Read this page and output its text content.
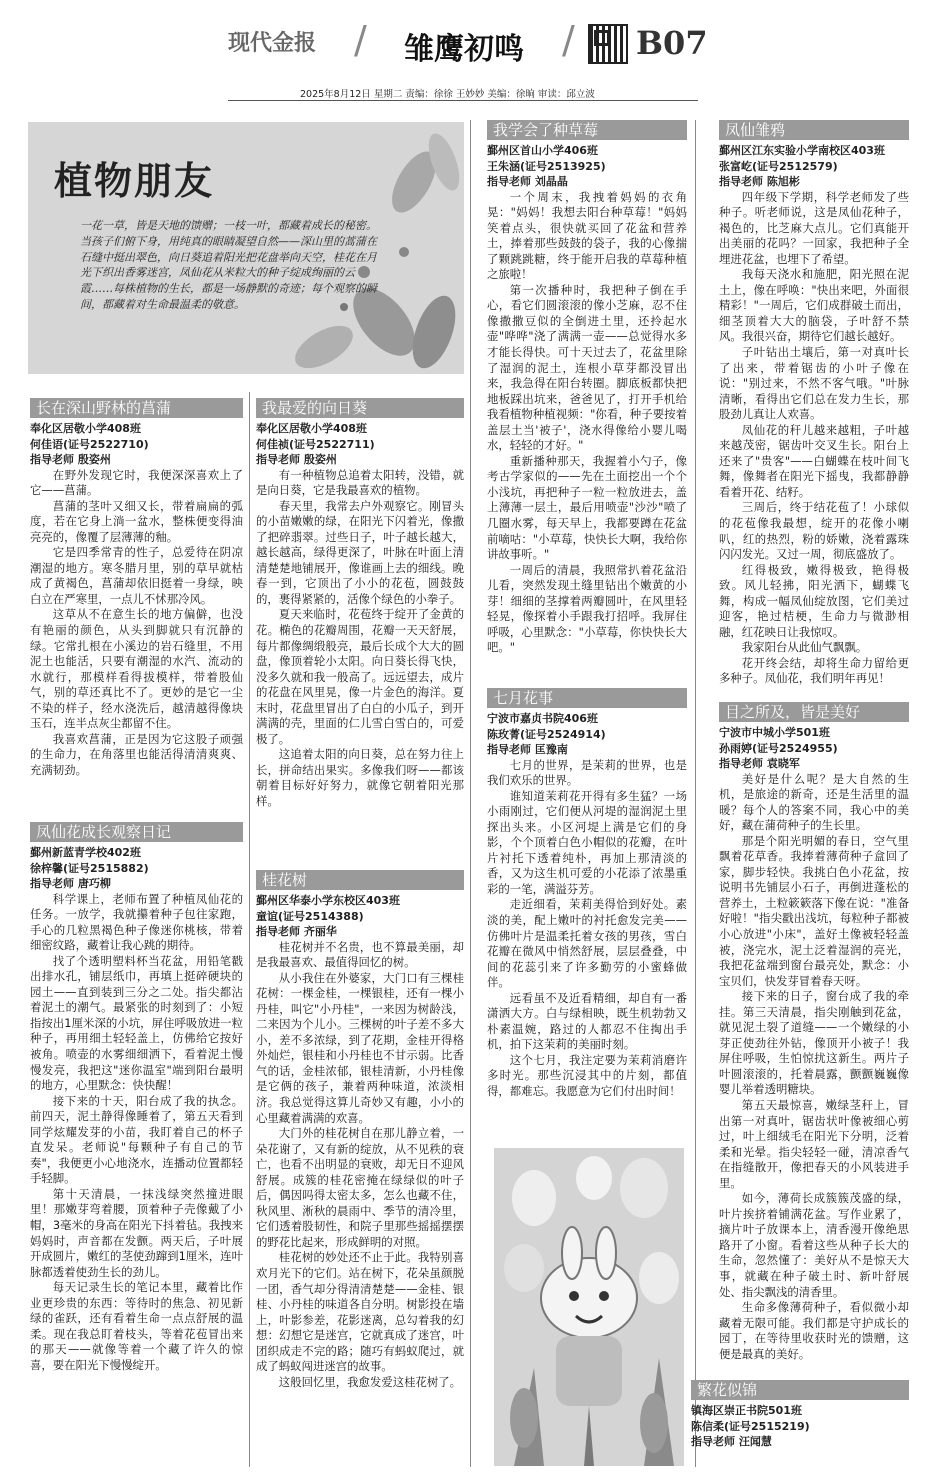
现代金报 / 雏鹰初鸣 / B07
2025年8月12日 星期二 责编：徐徐 王妙妙 美编：徐晌 审读：邱立波
植物朋友
一花一草，皆是天地的馈赠；一枝一叶，都藏着成长的秘密。当孩子们俯下身，用纯真的眼睛凝望自然——深山里的蒿蒲在石缝中挺出翠色，向日葵追着阳光把花盘举向天空，桂花在月光下织出香雾迷宫，凤仙花从米粒大的种子绽成绚丽的云霞……每株植物的生长，都是一场静默的奇迹；每个观察的瞬间，都藏着对生命最温柔的敬意。
长在深山野林的菖蒲
奉化区居敬小学408班
何佳语(证号2522710)
指导老师 殷姿州

在野外发现它时，我便深深喜欢上了它——菖蒲。

菖蒲的茎叶又细又长，带着扁扁的弧度，若在它身上淌一盆水，整株便变得油亮亮的，像覆了层薄薄的釉。

它是四季常青的性子，总爱待在阴凉潮湿的地方。寒冬腊月里，别的草早就枯成了黄褐色，菖蒲却依旧挺着一身绿，映白立在严寒里，一点儿不怵那冷风。

这草从不在意生长的地方偏僻，也没有艳丽的颜色，从头到脚就只有沉静的绿。它常扎根在小溪边的岩石缝里，不用泥土也能活，只要有潮湿的水汽、流动的水就行，那模样看得拔模样，带着股仙气，别的草还真比不了。更妙的是它一尘不染的样子，经水浇洗后，越清越得像块玉石，连半点灰尘都留不住。

我喜欢菖蒲，正是因为它这股子顽强的生命力，在角落里也能活得清清爽爽、充满韧劲。

凤仙花成长观察日记
鄞州新蓝青学校402班
徐梓馨(证号2515882)
指导老师 唐巧柳

科学课上，老师布置了种植凤仙花的任务。一放学，我就攥着种子包往家跑，手心的几粒黑褐色种子像迷你桃核，带着细密纹路，藏着让我心跳的期待。

找了个透明塑料杯当花盆，用铅笔戳出排水孔，铺层纸巾，再填上挺碎硬块的园土——直到装到三分之二处。指尖都沾着泥土的潮气。最紧张的时刻到了：小短指按出1厘米深的小坑，屏住呼吸放进一粒种子，再用细土轻轻盖上，仿佛给它按好被角。喷壶的水雾细细洒下，看着泥土慢慢发亮，我把这"迷你温室"端到阳台最明的地方，心里默念：快快醒！

接下来的十天，阳台成了我的执念。前四天，泥土静得像睡着了，第五天看到同学炫耀发芽的小苗，我盯着自己的杯子直发呆。老师说"每颗种子有自己的节奏"，我便更小心地浇水，连播动位置都轻手轻脚。

第十天清晨，一抹浅绿突然撞进眼里！那嫩芽弯着腰，顶着种子壳像戴了小帽，3毫米的身高在阳光下抖着毡。我拽来妈妈时，声音都在发颤。两天后，子叶展开成圆片，嫩红的茎使劲蹿到1厘米，连叶脉都透着使劲生长的劲儿。

每天记录生长的笔记本里，藏着比作业更珍贵的东西：等待时的焦急、初见新绿的雀跃，还有看着生命一点点舒展的温柔。现在我总盯着枝头，等着花苞冒出来的那天——就像等着一个藏了许久的惊喜，要在阳光下慢慢绽开。

我最爱的向日葵
奉化区居敬小学408班
何佳祯(证号2522711)
指导老师 殷姿州

有一种植物总追着太阳转，没错，就是向日葵，它是我最喜欢的植物。

春天里，我常去户外观察它。刚冒头的小苗嫩嫩的绿，在阳光下闪着光，像撒了把碎翡翠。过些日子，叶子越长越大，越长越高，绿得更深了，叶脉在叶面上清清楚楚地铺展开，像谁画上去的细线。晚春一到，它顶出了小小的花苞，圆鼓鼓的，裹得紧紧的，活像个绿色的小拳子。

夏天来临时，花苞终于绽开了金黄的花。椭色的花瓣周围，花瓣一天天舒展，每片都像绸缎般亮，最后长成个大大的圆盘，像顶着轮小太阳。向日葵长得飞快，没多久就和我一般高了。远远望去，成片的花盘在风里晃，像一片金色的海洋。夏末时，花盘里冒出了白白的小瓜子，到开满满的壳，里面的仁儿雪白雪白的，可爱极了。

这追着太阳的向日葵，总在努力往上长，拼命结出果实。多像我们呀——都该朝着目标好好努力，就像它朝着阳光那样。

桂花树
鄞州区华泰小学东校区403班
童谊(证号2514388)
指导老师 齐丽华

桂花树并不名贵，也不算最美丽，却是我最喜欢、最值得回忆的树。

从小我住在外婆家，大门口有三棵桂花树：一棵金桂，一棵银桂，还有一棵小丹桂，叫它"小丹桂"，一来因为树龄浅，二来因为个儿小。三棵树的叶子差不多大小，差不多浓绿，到了花期，金桂开得格外灿烂，银桂和小丹桂也不甘示弱。比香气的话，金桂浓郁，银桂清新，小丹桂像是它俩的孩子，兼着两种味道，浓淡相济。我总觉得这算儿奇妙又有趣，小小的心里藏着满满的欢喜。

大门外的桂花树自在那儿静立着，一朵花谢了，又有新的绽放，从不见秩的衰亡，也看不出明显的衰败，却无日不迎风舒展。成簇的桂花密掩在绿绿似的叶子后，偶因吗得太密太多，怎么也藏不住，秋风里、淅秋的晨雨中、季节的清冷里，它们透着股韧性，和院子里那些摇摇摆摆的野花比起来，形成鲜明的对照。

桂花树的妙处还不止于此。我特别喜欢月光下的它们。站在树下，花朵虽颜脱一团，香气却分得清清楚楚——金桂、银桂、小丹桂的味道各自分明。树影投在墙上，叶影参差，花影迷离，总勾着我的幻想：幻想它是迷宫，它就真成了迷宫，叶团织成走不完的路；随巧有蚂蚁爬过，就成了蚂蚁闯进迷宫的故事。

这般回忆里，我愈发爱这桂花树了。

我学会了种草莓
鄞州区首山小学406班
王朱涵(证号2513925)
指导老师 刘晶晶

一个周末，我拽着妈妈的衣角晃："妈妈！我想去阳台种草莓！"妈妈笑着点头，很快就买回了花盆和营养土，捧着那些鼓鼓的袋子，我的心像揣了颗跳跳糖，终于能开启我的草莓种植之旅啦！

第一次播种时，我把种子倒在手心，看它们圆滚滚的像小芝麻，忍不住像撒撒豆似的全倒进土里，还拎起水壶"哗哗"浇了满满一壶——总觉得水多才能长得快。可十天过去了，花盆里除了湿润的泥土，连根小草芽都没冒出来，我急得在阳台转圈。脚底板都快把地板踩出坑来，爸爸见了，打开手机给我看植物种植视频："你看，种子要按着盖层土当'被子'，浇水得像给小婴儿喝水，轻轻的才好。"

重新播种那天，我握着小勺子，像考古学家似的——先在土面挖出一个个小浅坑，再把种子一粒一粒放进去，盖上薄薄一层土，最后用喷壶"沙沙"喷了几圈水雾，每天早上，我都要蹲在花盆前嘀咕："小草莓，快快长大啊，我给你讲故事听。"

一周后的清晨，我照常扒着花盆沿儿看，突然发现土缝里钻出个嫩黄的小芽！细细的茎撑着两瓣圆叶，在风里轻轻晃，像探着小手跟我打招呼。我屏住呼吸，心里默念："小草莓，你快快长大吧。"

七月花事
宁波市嘉贞书院406班
陈玫菁(证号2524914)
指导老师 匡豫南

七月的世界，是茉莉的世界，也是我们欢乐的世界。

谁知道茉莉花开得有多生猛？一场小雨刚过，它们便从河堤的湿润泥土里探出头来。小区河堤上满是它们的身影，个个顶着白色小帽似的花瓣，在叶片衬托下透着纯朴，再加上那清淡的香，又为这生机可爱的小花添了浓墨重彩的一笔，满溢芬芳。

走近细看，茉莉美得恰到好处。素淡的美，配上嫩叶的衬托愈发完美——仿佛叶片是温柔托着女孩的男孩，雪白花瓣在微风中悄然舒展，层层叠叠，中间的花蕊引来了许多勤劳的小蜜蜂做伴。

远看虽不及近看精细，却自有一番潇洒大方。白与绿相映，既生机勃勃又朴素温婉，路过的人都忍不住掏出手机，拍下这茉莉的美丽时刻。

这个七月，我注定要为茉莉消磨许多时光。那些沉浸其中的片刻，都值得，都难忘。我愿意为它们付出时间！

凤仙雏鸦
鄞州区江东实验小学南校区403班
张富屹(证号2512579)
指导老师 陈旭彬

四年级下学期，科学老师发了些种子。听老师说，这是凤仙花种子，褐色的，比芝麻大点儿。它们真能开出美丽的花吗？一回家，我把种子全埋进花盆，也埋下了希望。

我每天浇水和施肥，阳光照在泥土上，像在呼唤："快出来吧，外面很精彩！"一周后，它们成群破土而出，细茎顶着大大的脑袋，子叶舒不禁风。我很兴奋，期待它们越长越好。

子叶钻出土壤后，第一对真叶长了出来，带着锯齿的小叶子像在说："别过来，不然不客气哦。"叶脉清晰，看得出它们总在发力生长，那股劲儿真让人欢喜。

凤仙花的秆儿越来越粗，子叶越来越茂密，锯齿叶交叉生长。阳台上还来了"贵客"——白蝴蝶在枝叶间飞舞，像舞者在阳光下摇曳，我都静静看着开花、结籽。

三周后，终于结花苞了！小球似的花苞像我最想，绽开的花像小喇叭，红的热烈，粉的娇嫩，浇着露珠闪闪发光。又过一周，彻底盛放了。

红得极致，嫩得极致，艳得极致。风儿轻拂，阳光洒下，蝴蝶飞舞，构成一幅凤仙绽放图，它们美过迎客，艳过桔梗，生命力与微渺相融，红花映日让我惊叹。

我家阳台从此仙气飘飘。

花开终会结，却将生命力留给更多种子。凤仙花，我们明年再见！

目之所及，皆是美好
宁波市中城小学501班
孙雨婷(证号2524955)
指导老师 袁晓军

美好是什么呢？是大自然的生机，是旅途的新奇，还是生活里的温暖？每个人的答案不同，我心中的美好，藏在蒲荷种子的生长里。

那是个阳光明媚的春日，空气里飘着花草香。我捧着薄荷种子盒回了家，脚步轻快。我挑白色小花盆，按说明书先铺层小石子，再倒进蓬松的营养土，土粒簌簌落下像在说："准备好啦！"指尖戳出浅坑，每粒种子都被小心放进"小床"，盖好土像被轻轻盖被，浇完水，泥土泛着湿润的亮光，我把花盆端到窗台最亮处，默念：小宝贝们，快发芽冒着春天呀。

接下来的日子，窗台成了我的牵挂。第三天清晨，指尖刚触到花盆，就见泥土裂了道缝——一个嫩绿的小芽正使劲往外钻，像顶开小被子！我屏住呼吸，生怕惊扰这新生。两片子叶圆滚滚的，托着晨露，颤颤巍巍像婴儿举着透明糖块。

第五天最惊喜，嫩绿茎秆上，冒出第一对真叶，锯齿状叶像被细心剪过，叶上细绒毛在阳光下分明，泛着柔和光晕。指尖轻轻一碰，清凉香气在指缝散开，像把春天的小风装进手里。

如今，薄荷长成簇簇茂盛的绿，叶片挨挤着铺满花盆。写作业累了，摘片叶子放课本上，清香漫开像绝思路开了小窗。看着这些从种子长大的生命，忽然懂了：美好从不是惊天大事，就藏在种子破土时、新叶舒展处、指尖飘浅的清香里。

生命多像薄荷种子，看似微小却藏着无限可能。我们都是守护成长的园丁，在等待里收获时光的馈赠，这便是最真的美好。

繁花似锦
镇海区崇正书院501班
陈信柔(证号2515219)
指导老师 汪闻慧
